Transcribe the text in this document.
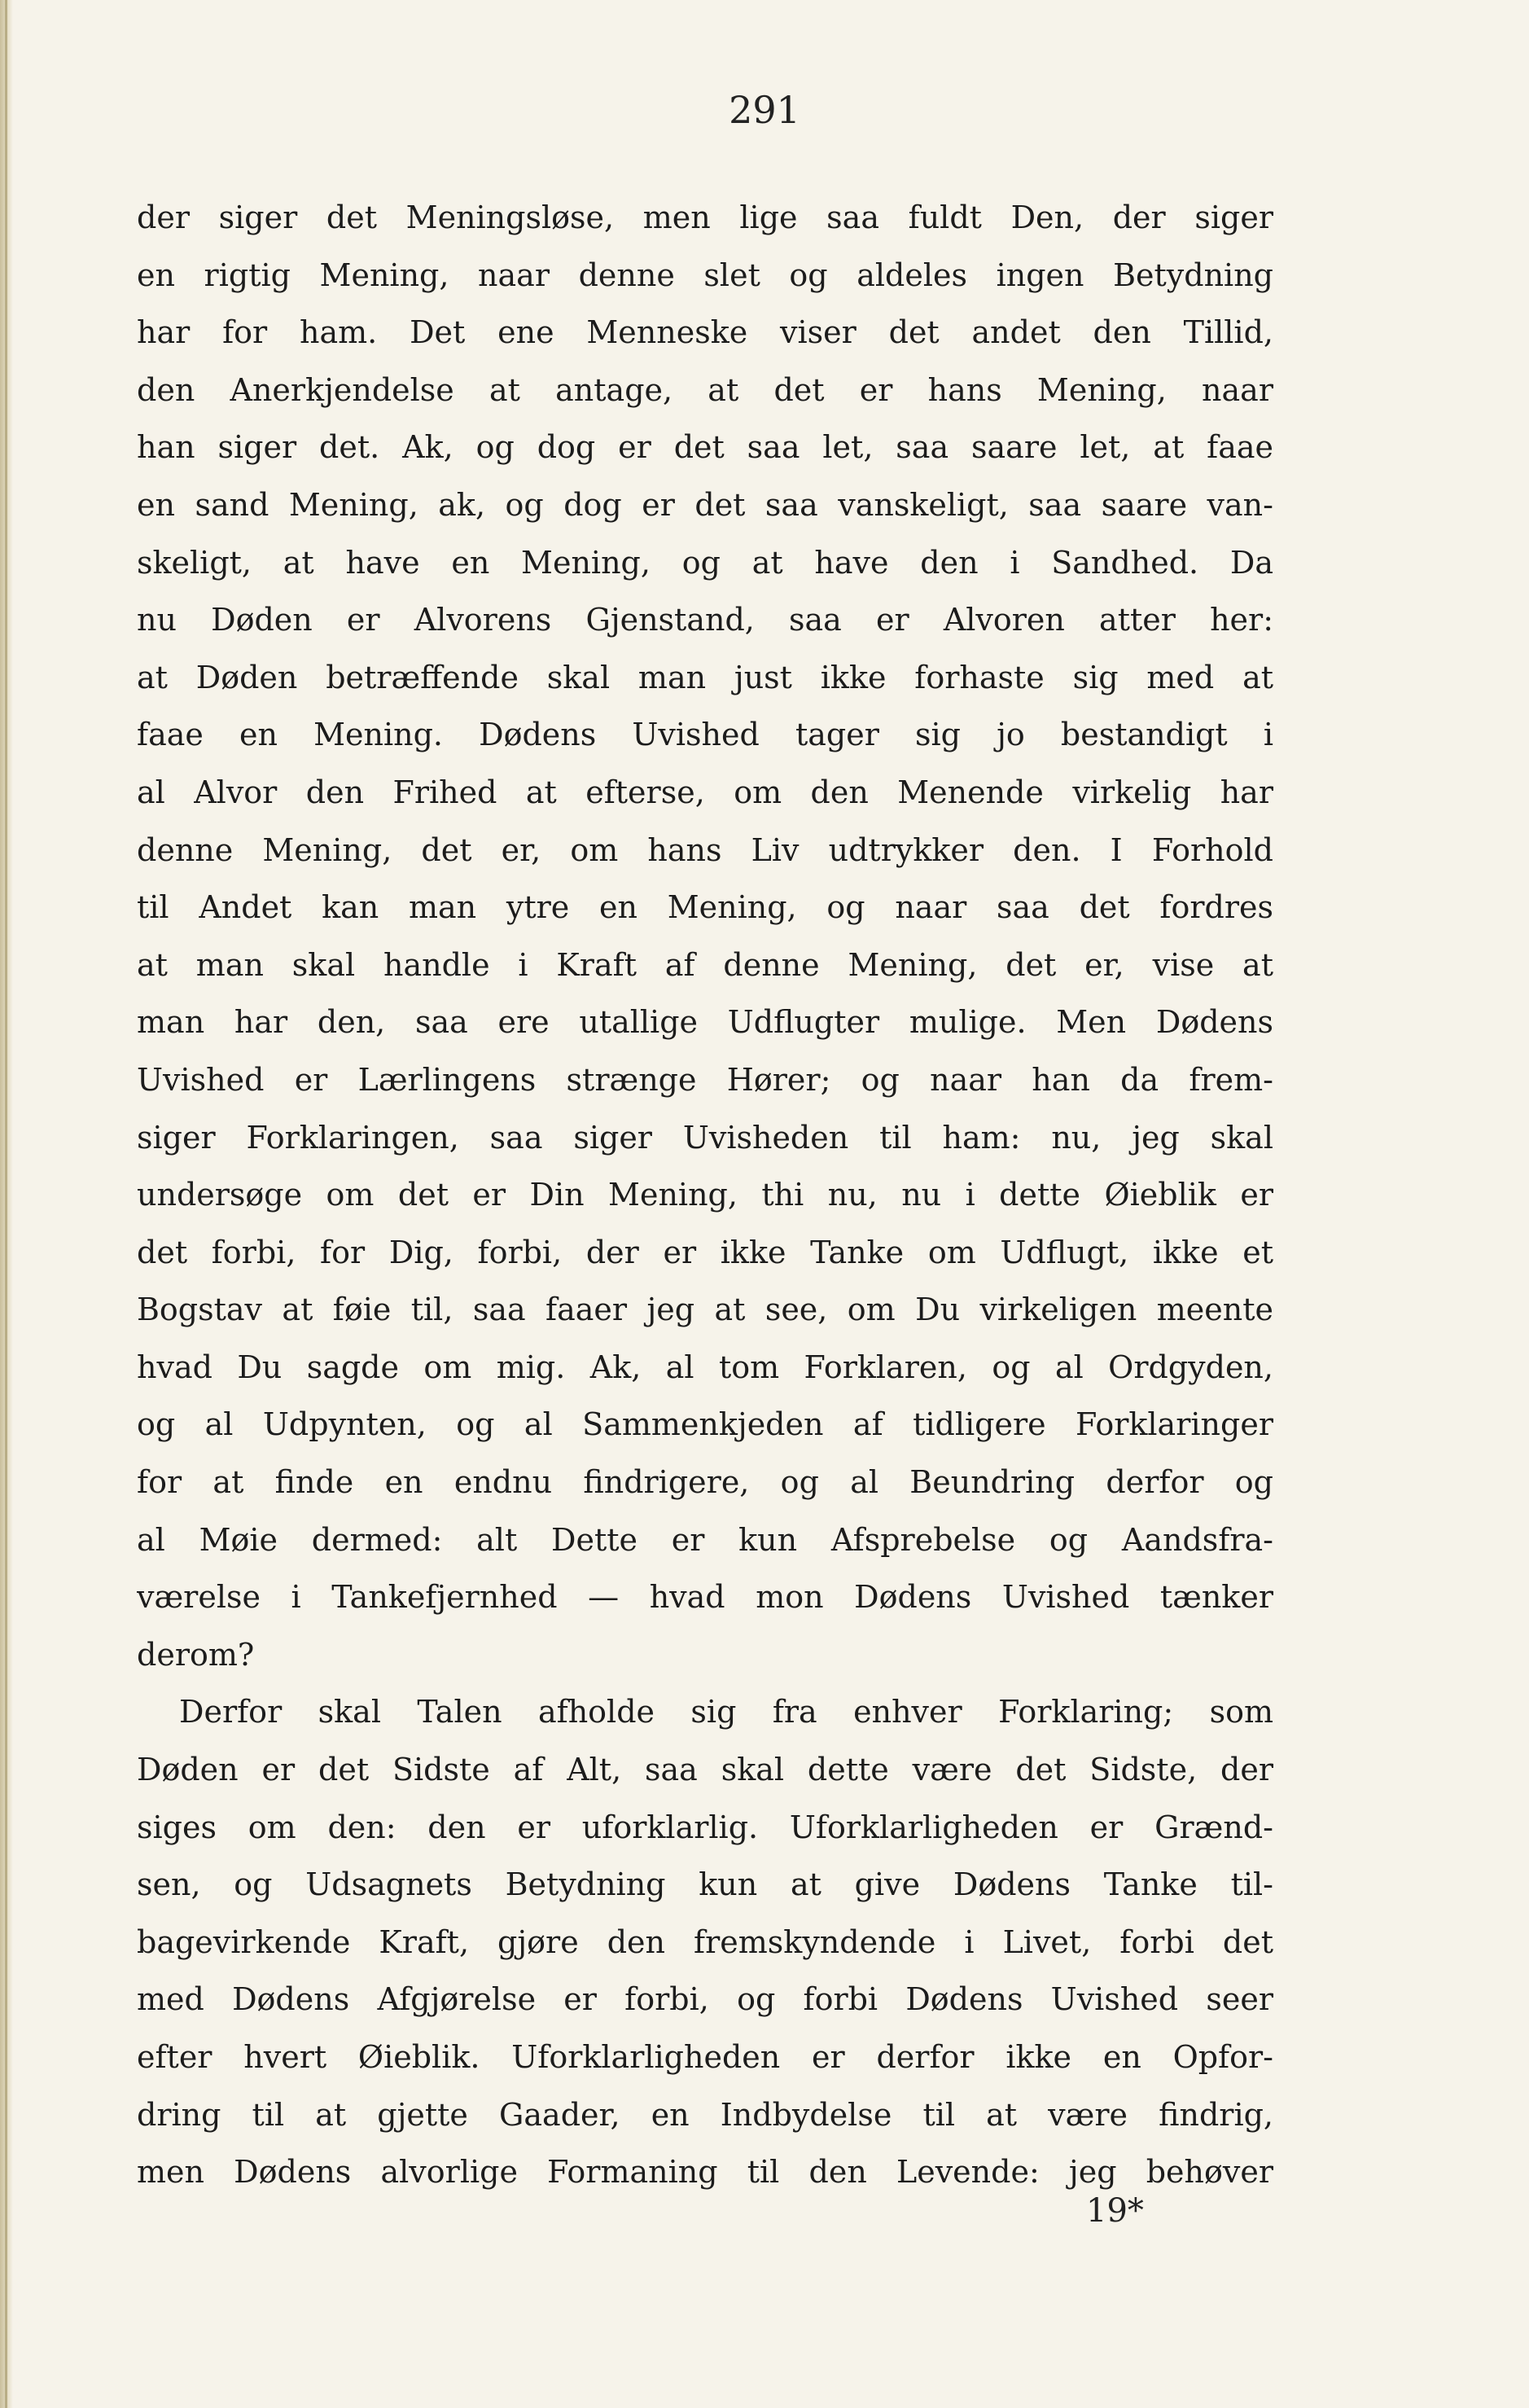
291
der siger det Meningsløse, men lige saa fuldt Den, der siger
en rigtig Mening, naar denne slet og aldeles ingen Betydning
har for ham. Det ene Menneske viser det andet den Tillid,
den Anerkjendelse at antage, at det er hans Mening, naar
han siger det. Ak, og dog er det saa let, saa saare let, at faae
en sand Mening, ak, og dog er det saa vanskeligt, saa saare van-
skeligt, at have en Mening, og at have den i Sandhed. Da
nu Døden er Alvorens Gjenstand, saa er Alvoren atter her:
at Døden betræffende skal man just ikke forhaste sig med at
faae en Mening. Dødens Uvished tager sig jo bestandigt i
al Alvor den Frihed at efterse, om den Menende virkelig har
denne Mening, det er, om hans Liv udtrykker den. I Forhold
til Andet kan man ytre en Mening, og naar saa det fordres
at man skal handle i Kraft af denne Mening, det er, vise at
man har den, saa ere utallige Udflugter mulige. Men Dødens
Uvished er Lærlingens strænge Hører; og naar han da frem-
siger Forklaringen, saa siger Uvisheden til ham: nu, jeg skal
undersøge om det er Din Mening, thi nu, nu i dette Øieblik er
det forbi, for Dig, forbi, der er ikke Tanke om Udflugt, ikke et
Bogstav at føie til, saa faaer jeg at see, om Du virkeligen meente
hvad Du sagde om mig. Ak, al tom Forklaren, og al Ordgyden,
og al Udpynten, og al Sammenkjeden af tidligere Forklaringer
for at finde en endnu findrigere, og al Beundring derfor og
al Møie dermed: alt Dette er kun Afsprebelse og Aandsfra-
værelse i Tankefjernhed — hvad mon Dødens Uvished tænker
derom?
Derfor skal Talen afholde sig fra enhver Forklaring; som
Døden er det Sidste af Alt, saa skal dette være det Sidste, der
siges om den: den er uforklarlig. Uforklarligheden er Grænd-
sen, og Udsagnets Betydning kun at give Dødens Tanke til-
bagevirkende Kraft, gjøre den fremskyndende i Livet, forbi det
med Dødens Afgjørelse er forbi, og forbi Dødens Uvished seer
efter hvert Øieblik. Uforklarligheden er derfor ikke en Opfor-
dring til at gjette Gaader, en Indbydelse til at være findrig,
men Dødens alvorlige Formaning til den Levende: jeg behøver
19*
